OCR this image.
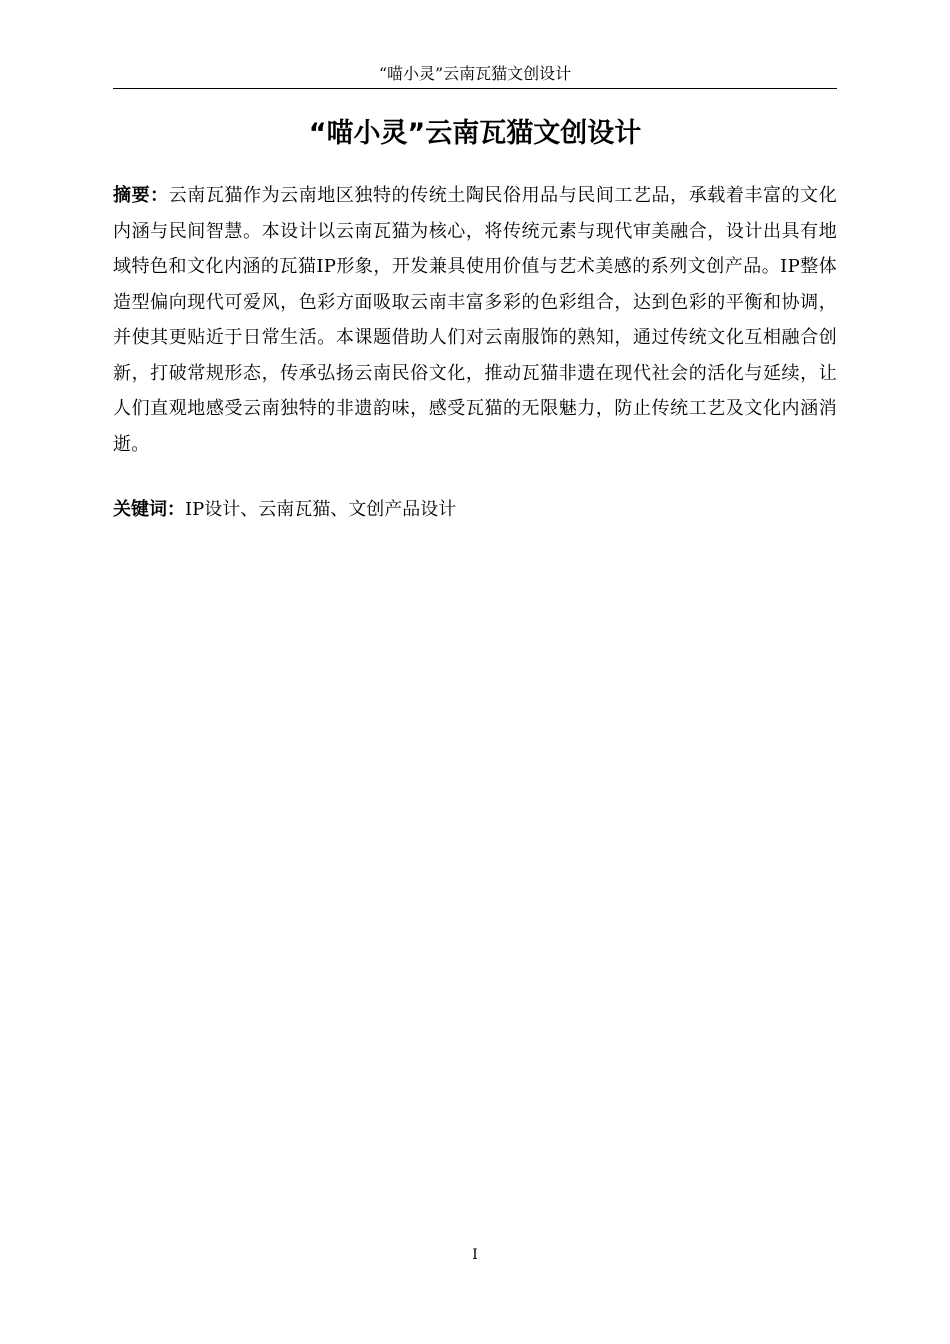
“喵小灵”云南瓦猫文创设计
“喵小灵”云南瓦猫文创设计

摘要：云南瓦猫作为云南地区独特的传统土陶民俗用品与民间工艺品，承载着丰富的文化内涵与民间智慧。本设计以云南瓦猫为核心，将传统元素与现代审美融合，设计出具有地域特色和文化内涵的瓦猫IP形象，开发兼具使用价值与艺术美感的系列文创产品。IP整体造型偏向现代可爱风，色彩方面吸取云南丰富多彩的色彩组合，达到色彩的平衡和协调，并使其更贴近于日常生活。本课题借助人们对云南服饰的熟知，通过传统文化互相融合创新，打破常规形态，传承弘扬云南民俗文化，推动瓦猫非遗在现代社会的活化与延续，让人们直观地感受云南独特的非遗韵味，感受瓦猫的无限魅力，防止传统工艺及文化内涵消逝。

关键词：IP设计、云南瓦猫、文创产品设计

I
